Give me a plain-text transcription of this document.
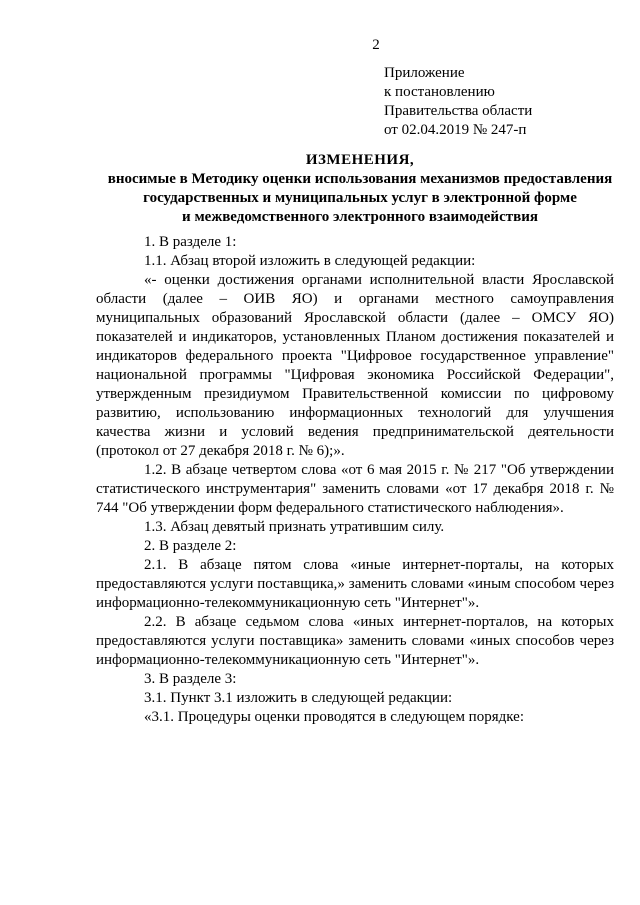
2
Приложение
к постановлению
Правительства области
от 02.04.2019 № 247-п
ИЗМЕНЕНИЯ,
вносимые в Методику оценки использования механизмов предоставления
государственных и муниципальных услуг в электронной форме
и межведомственного электронного взаимодействия

1. В разделе 1:

1.1. Абзац второй изложить в следующей редакции:

«- оценки достижения органами исполнительной власти Ярославской области (далее – ОИВ ЯО) и органами местного самоуправления муниципальных образований Ярославской области (далее – ОМСУ ЯО) показателей и индикаторов, установленных Планом достижения показателей и индикаторов федерального проекта "Цифровое государственное управление" национальной программы "Цифровая экономика Российской Федерации", утвержденным президиумом Правительственной комиссии по цифровому развитию, использованию информационных технологий для улучшения качества жизни и условий ведения предпринимательской деятельности (протокол от 27 декабря 2018 г. № 6);».

1.2. В абзаце четвертом слова «от 6 мая 2015 г. № 217 "Об утверждении статистического инструментария" заменить словами «от 17 декабря 2018 г. № 744 "Об утверждении форм федерального статистического наблюдения».

1.3. Абзац девятый признать утратившим силу.

2. В разделе 2:

2.1. В абзаце пятом слова «иные интернет-порталы, на которых предоставляются услуги поставщика,» заменить словами «иным способом через информационно-телекоммуникационную сеть "Интернет"».

2.2. В абзаце седьмом слова «иных интернет-порталов, на которых предоставляются услуги поставщика» заменить словами «иных способов через информационно-телекоммуникационную сеть "Интернет"».

3. В разделе 3:

3.1. Пункт 3.1 изложить в следующей редакции:

«3.1. Процедуры оценки проводятся в следующем порядке:
